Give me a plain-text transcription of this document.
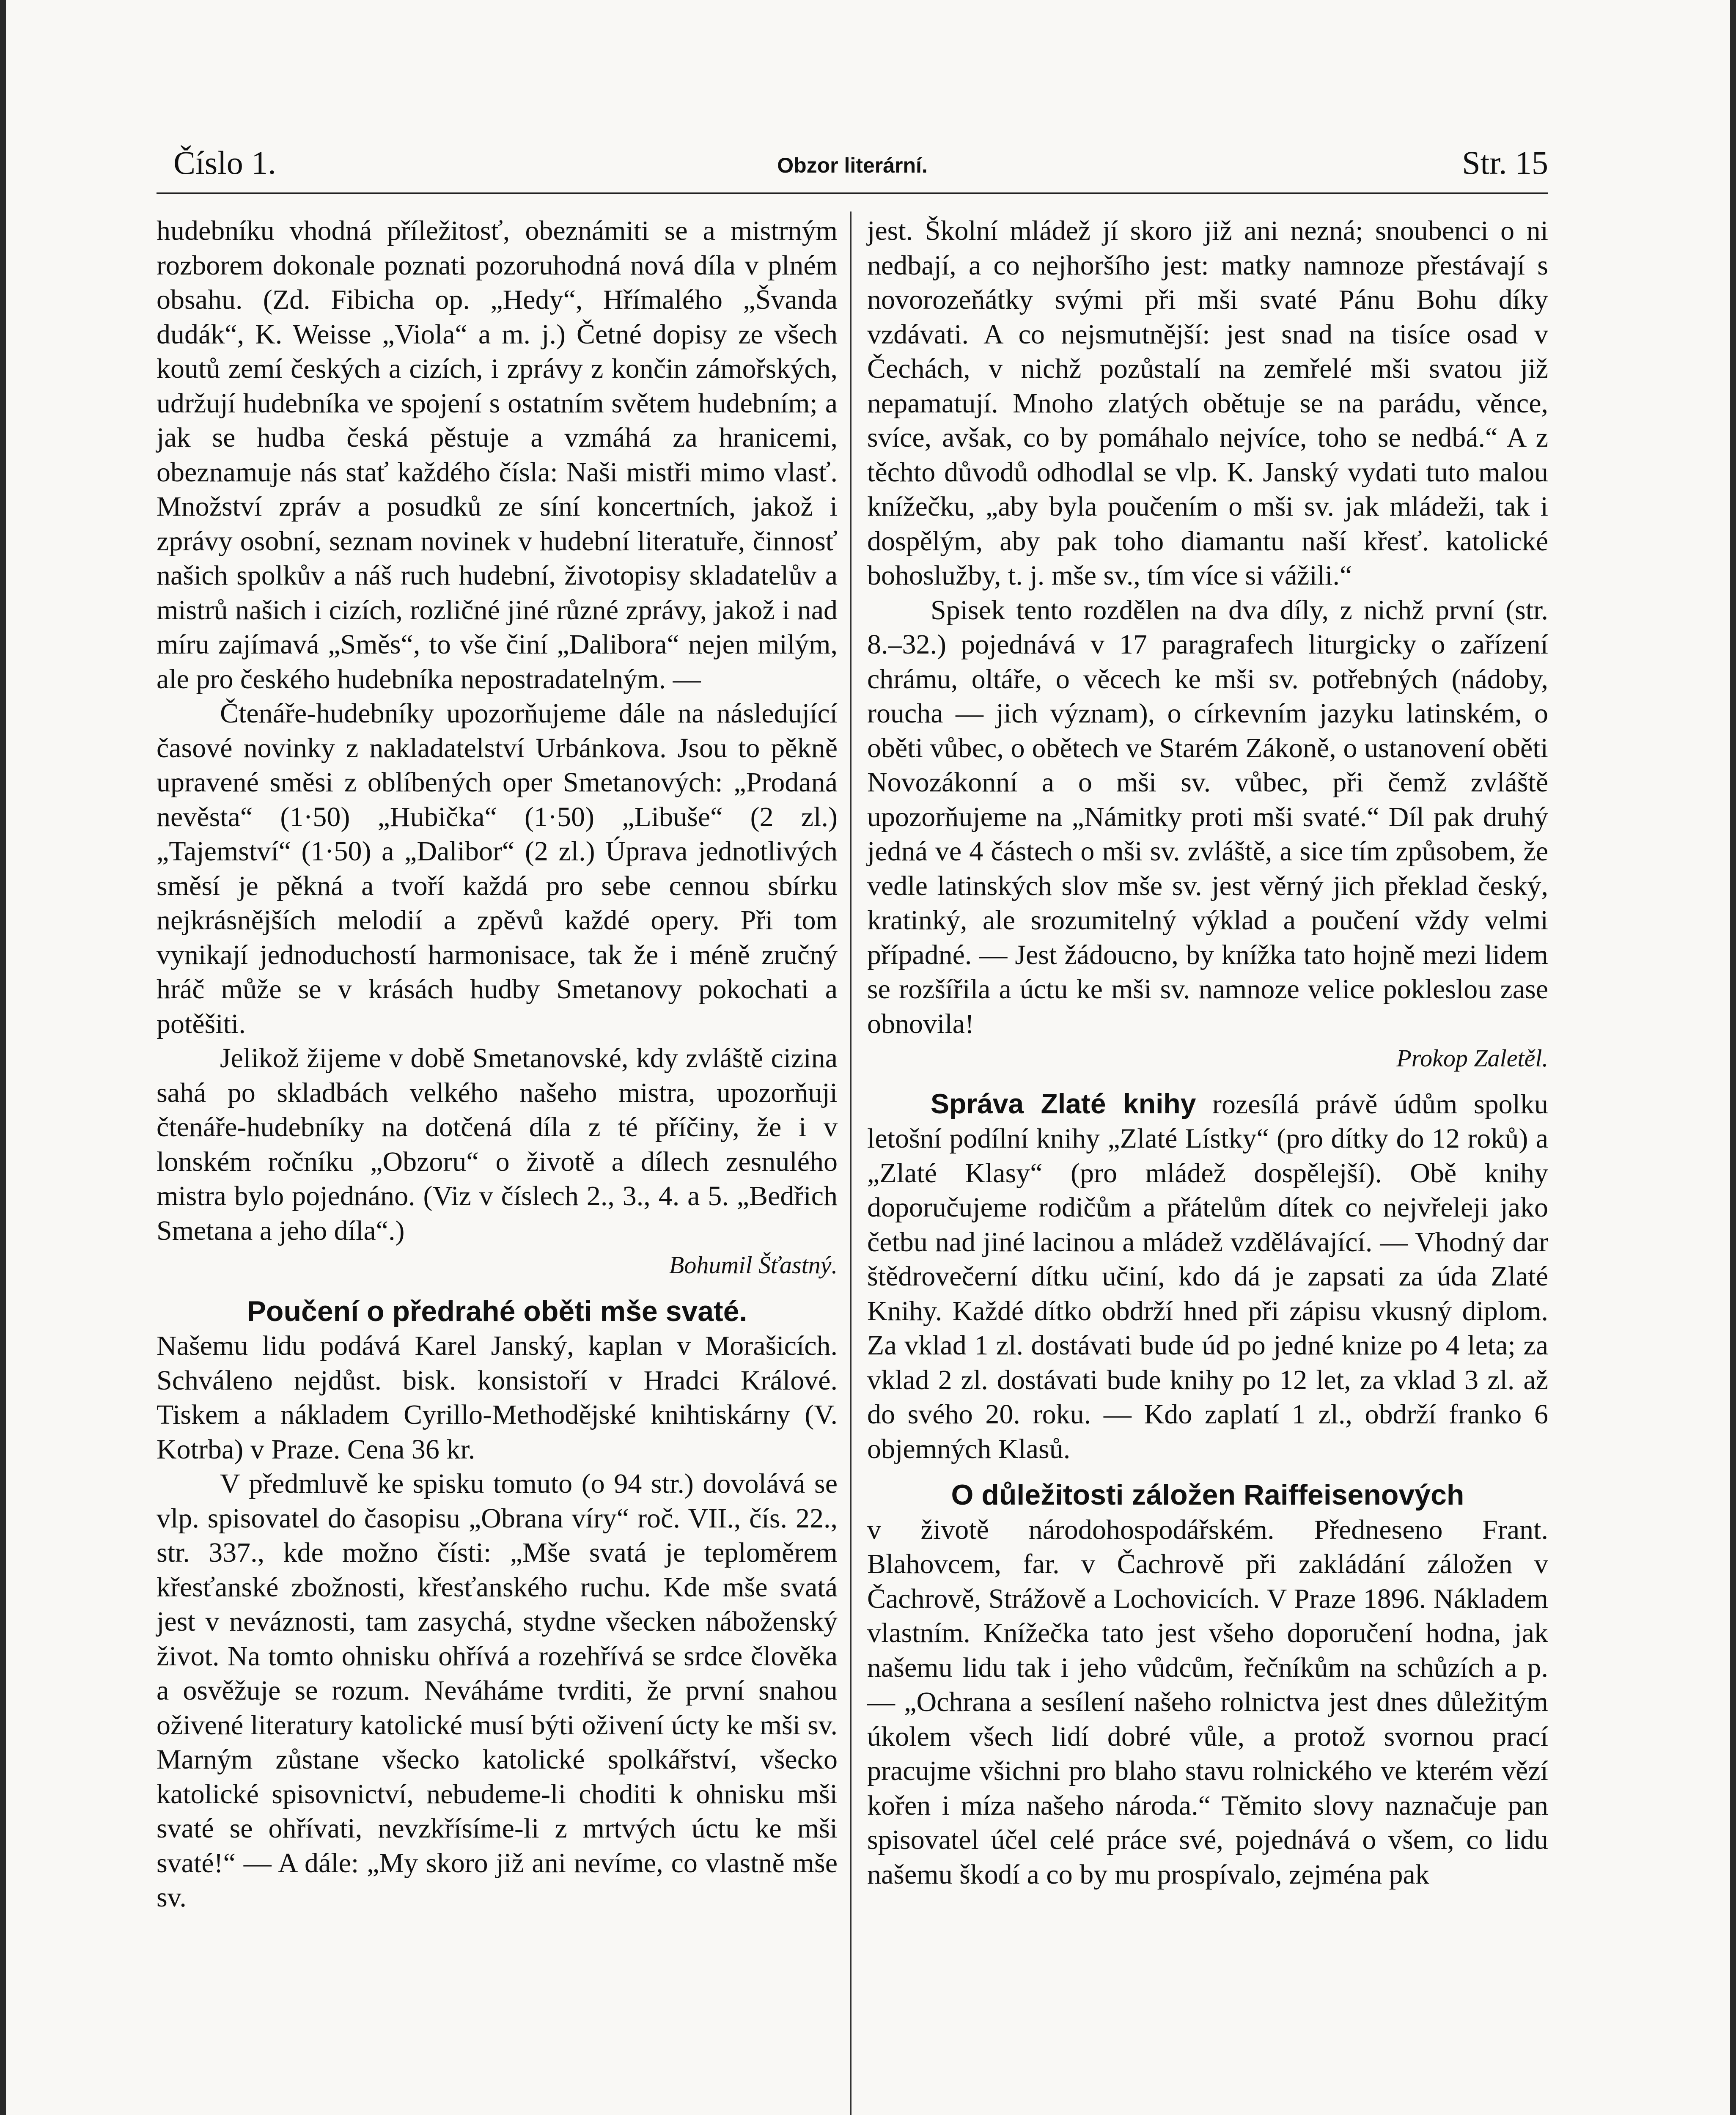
Číslo 1.	Obzor literární.	Str. 15

hudebníku vhodná příležitosť, obeznámiti se a mistrným rozborem dokonale poznati pozoruhodná nová díla v plném obsahu. (Zd. Fibicha op. „Hedy“, Hřímalého „Švanda dudák“, K. Weisse „Viola“ a m. j.) Četné dopisy ze všech koutů zemí českých a cizích, i zprávy z končin zámořských, udržují hudebníka ve spojení s ostatním světem hudebním; a jak se hudba česká pěstuje a vzmáhá za hranicemi, obeznamuje nás stať každého čísla: Naši mistři mimo vlasť. Množství zpráv a posudků ze síní koncertních, jakož i zprávy osobní, seznam novinek v hudební literatuře, činnosť našich spolkův a náš ruch hudební, životopisy skladatelův a mistrů našich i cizích, rozličné jiné různé zprávy, jakož i nad míru zajímavá „Směs“, to vše činí „Dalibora“ nejen milým, ale pro českého hudebníka nepostradatelným. —

Čtenáře-hudebníky upozorňujeme dále na následující časové novinky z nakladatelství Urbánkova. Jsou to pěkně upravené směsi z oblíbených oper Smetanových: „Prodaná nevěsta“ (1·50) „Hubička“ (1·50) „Libuše“ (2 zl.) „Tajemství“ (1·50) a „Dalibor“ (2 zl.) Úprava jednotlivých směsí je pěkná a tvoří každá pro sebe cennou sbírku nejkrásnějších melodií a zpěvů každé opery. Při tom vynikají jednoduchostí harmonisace, tak že i méně zručný hráč může se v krásách hudby Smetanovy pokochati a potěšiti.

Jelikož žijeme v době Smetanovské, kdy zvláště cizina sahá po skladbách velkého našeho mistra, upozorňuji čtenáře-hudebníky na dotčená díla z té příčiny, že i v lonském ročníku „Obzoru“ o životě a dílech zesnulého mistra bylo pojednáno. (Viz v číslech 2., 3., 4. a 5. „Bedřich Smetana a jeho díla“.)

Bohumil Šťastný.

Poučení o předrahé oběti mše svaté.

Našemu lidu podává Karel Janský, kaplan v Morašicích. Schváleno nejdůst. bisk. konsistoří v Hradci Králové. Tiskem a nákladem Cyrillo-Methodějské knihtiskárny (V. Kotrba) v Praze. Cena 36 kr.

V předmluvě ke spisku tomuto (o 94 str.) dovolává se vlp. spisovatel do časopisu „Obrana víry“ roč. VII., čís. 22., str. 337., kde možno čísti: „Mše svatá je teploměrem křesťanské zbožnosti, křesťanského ruchu. Kde mše svatá jest v neváznosti, tam zasychá, stydne všecken náboženský život. Na tomto ohnisku ohřívá a rozehřívá se srdce člověka a osvěžuje se rozum. Neváháme tvrditi, že první snahou oživené literatury katolické musí býti oživení úcty ke mši sv. Marným zůstane všecko katolické spolkářství, všecko katolické spisovnictví, nebudeme-li choditi k ohnisku mši svaté se ohřívati, nevzkřísíme-li z mrtvých úctu ke mši svaté!“ — A dále: „My skoro již ani nevíme, co vlastně mše sv.

jest. Školní mládež jí skoro již ani nezná; snoubenci o ni nedbají, a co nejhoršího jest: matky namnoze přestávají s novorozeňátky svými při mši svaté Pánu Bohu díky vzdávati. A co nejsmutnější: jest snad na tisíce osad v Čechách, v nichž pozůstalí na zemřelé mši svatou již nepamatují. Mnoho zlatých obětuje se na parádu, věnce, svíce, avšak, co by pomáhalo nejvíce, toho se nedbá.“ A z těchto důvodů odhodlal se vlp. K. Janský vydati tuto malou knížečku, „aby byla poučením o mši sv. jak mládeži, tak i dospělým, aby pak toho diamantu naší křesť. katolické bohoslužby, t. j. mše sv., tím více si vážili.“

Spisek tento rozdělen na dva díly, z nichž první (str. 8.–32.) pojednává v 17 paragrafech liturgicky o zařízení chrámu, oltáře, o věcech ke mši sv. potřebných (nádoby, roucha — jich význam), o církevním jazyku latinském, o oběti vůbec, o obětech ve Starém Zákoně, o ustanovení oběti Novozákonní a o mši sv. vůbec, při čemž zvláště upozorňujeme na „Námitky proti mši svaté.“ Díl pak druhý jedná ve 4 částech o mši sv. zvláště, a sice tím způsobem, že vedle latinských slov mše sv. jest věrný jich překlad český, kratinký, ale srozumitelný výklad a poučení vždy velmi případné. — Jest žádoucno, by knížka tato hojně mezi lidem se rozšířila a úctu ke mši sv. namnoze velice pokleslou zase obnovila!

Prokop Zaletěl.

Správa Zlaté knihy rozesílá právě údům spolku letošní podílní knihy „Zlaté Lístky“ (pro dítky do 12 roků) a „Zlaté Klasy“ (pro mládež dospělejší). Obě knihy doporučujeme rodičům a přátelům dítek co nejvřeleji jako četbu nad jiné lacinou a mládež vzdělávající. — Vhodný dar štědrovečerní dítku učiní, kdo dá je zapsati za úda Zlaté Knihy. Každé dítko obdrží hned při zápisu vkusný diplom. Za vklad 1 zl. dostávati bude úd po jedné knize po 4 leta; za vklad 2 zl. dostávati bude knihy po 12 let, za vklad 3 zl. až do svého 20. roku. — Kdo zaplatí 1 zl., obdrží franko 6 objemných Klasů.

O důležitosti záložen Raiffeisenových

v životě národohospodářském. Předneseno Frant. Blahovcem, far. v Čachrově při zakládání záložen v Čachrově, Strážově a Lochovicích. V Praze 1896. Nákladem vlastním. Knížečka tato jest všeho doporučení hodna, jak našemu lidu tak i jeho vůdcům, řečníkům na schůzích a p. — „Ochrana a sesílení našeho rolnictva jest dnes důležitým úkolem všech lidí dobré vůle, a protož svornou prací pracujme všichni pro blaho stavu rolnického ve kterém vězí kořen i míza našeho národa.“ Těmito slovy naznačuje pan spisovatel účel celé práce své, pojednává o všem, co lidu našemu škodí a co by mu prospívalo, zejména pak
